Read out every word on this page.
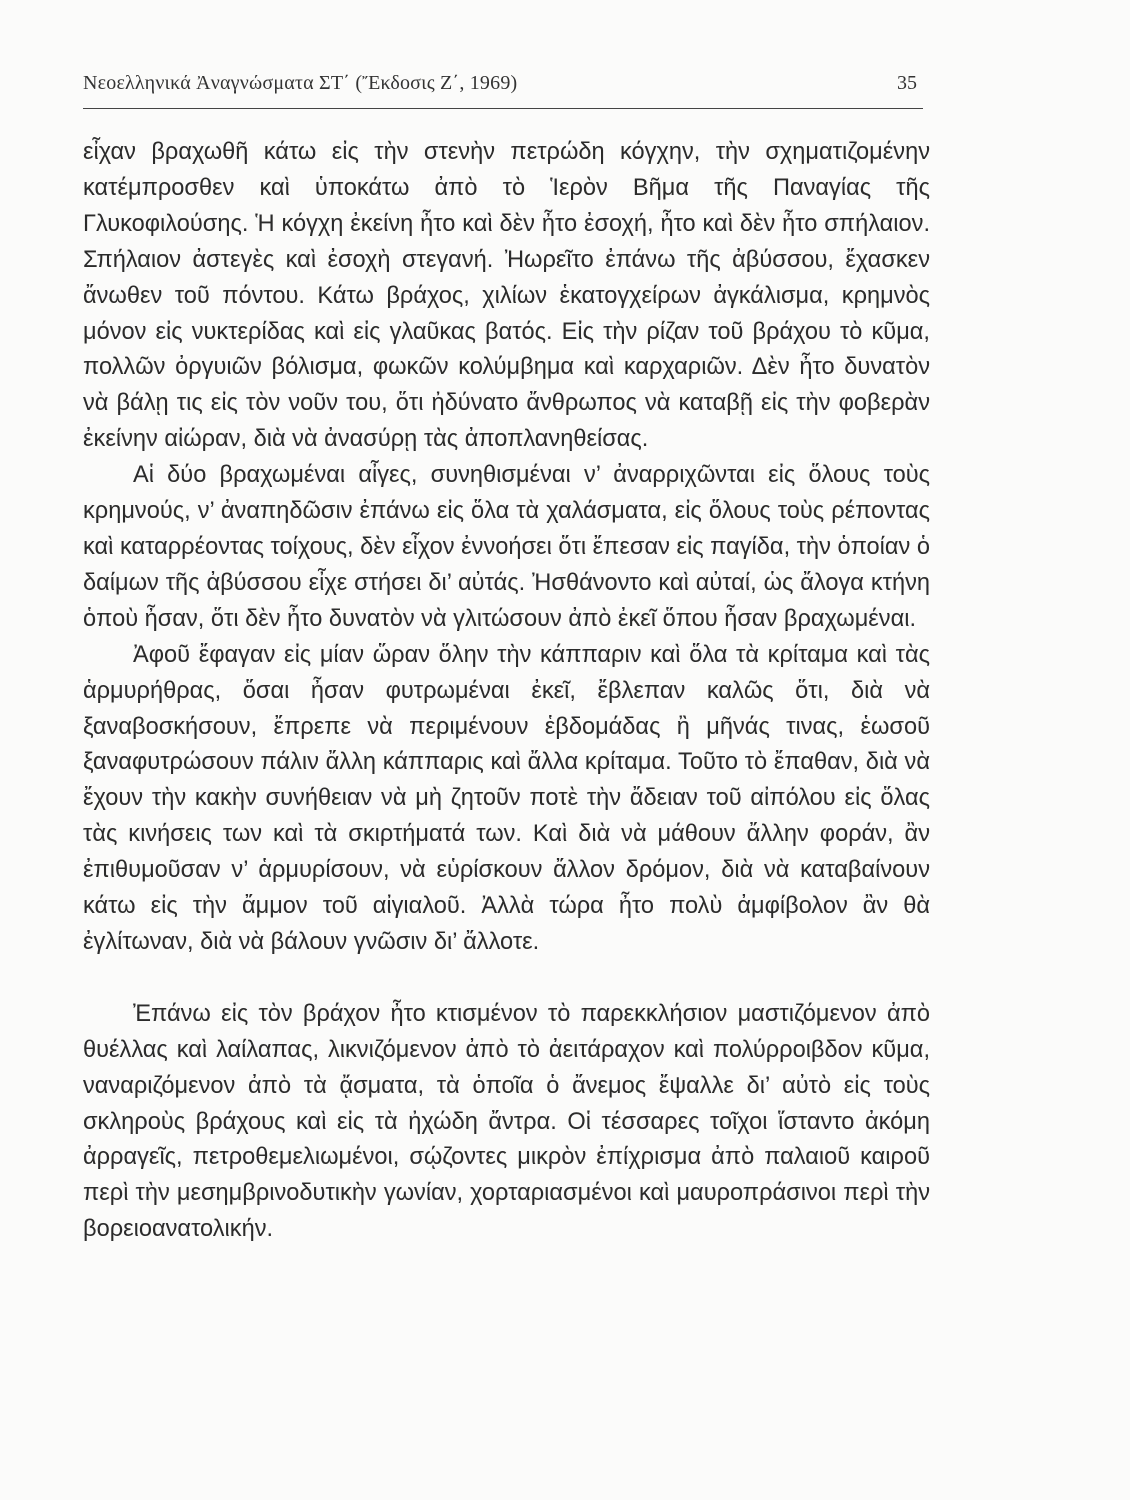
Νεοελληνικά Ἀναγνώσματα ΣΤ΄ (Ἔκδοσις Ζ΄, 1969)	35

εἶχαν βραχωθῆ κάτω εἰς τὴν στενὴν πετρώδη κόγχην, τὴν σχηματιζομένην κατέμπροσθεν καὶ ὑποκάτω ἀπὸ τὸ Ἱερὸν Βῆμα τῆς Παναγίας τῆς Γλυκοφιλούσης. Ἡ κόγχη ἐκείνη ἦτο καὶ δὲν ἦτο ἐσοχή, ἦτο καὶ δὲν ἦτο σπήλαιον. Σπήλαιον ἀστεγὲς καὶ ἐσοχὴ στεγανή. Ἠωρεῖτο ἐπάνω τῆς ἀβύσσου, ἔχασκεν ἄνωθεν τοῦ πόντου. Κάτω βράχος, χιλίων ἑκατογχείρων ἀγκάλισμα, κρημνὸς μόνον εἰς νυκτερίδας καὶ εἰς γλαῦκας βατός. Εἰς τὴν ρίζαν τοῦ βράχου τὸ κῦμα, πολλῶν ὀργυιῶν βόλισμα, φωκῶν κολύμβημα καὶ καρχαριῶν. Δὲν ἦτο δυνατὸν νὰ βάλῃ τις εἰς τὸν νοῦν του, ὅτι ἠδύνατο ἄνθρωπος νὰ καταβῇ εἰς τὴν φοβερὰν ἐκείνην αἰώραν, διὰ νὰ ἀνασύρῃ τὰς ἀποπλανηθείσας.

Αἱ δύο βραχωμέναι αἶγες, συνηθισμέναι ν’ ἀναρριχῶνται εἰς ὅλους τοὺς κρημνούς, ν’ ἀναπηδῶσιν ἐπάνω εἰς ὅλα τὰ χαλάσματα, εἰς ὅλους τοὺς ρέποντας καὶ καταρρέοντας τοίχους, δὲν εἶχον ἐννοήσει ὅτι ἔπεσαν εἰς παγίδα, τὴν ὁποίαν ὁ δαίμων τῆς ἀβύσσου εἶχε στήσει δι’ αὐτάς. Ἠσθάνοντο καὶ αὐταί, ὡς ἄλογα κτήνη ὁποὺ ἦσαν, ὅτι δὲν ἦτο δυνατὸν νὰ γλιτώσουν ἀπὸ ἐκεῖ ὅπου ἦσαν βραχωμέναι.

Ἀφοῦ ἔφαγαν εἰς μίαν ὥραν ὅλην τὴν κάππαριν καὶ ὅλα τὰ κρίταμα καὶ τὰς ἁρμυρήθρας, ὅσαι ἦσαν φυτρωμέναι ἐκεῖ, ἔβλεπαν καλῶς ὅτι, διὰ νὰ ξαναβοσκήσουν, ἔπρεπε νὰ περιμένουν ἑβδομάδας ἢ μῆνάς τινας, ἑωσοῦ ξαναφυτρώσουν πάλιν ἄλλη κάππαρις καὶ ἄλλα κρίταμα. Τοῦτο τὸ ἔπαθαν, διὰ νὰ ἔχουν τὴν κακὴν συνήθειαν νὰ μὴ ζητοῦν ποτὲ τὴν ἄδειαν τοῦ αἰπόλου εἰς ὅλας τὰς κινήσεις των καὶ τὰ σκιρτήματά των. Καὶ διὰ νὰ μάθουν ἄλλην φοράν, ἂν ἐπιθυμοῦσαν ν’ ἁρμυρίσουν, νὰ εὑρίσκουν ἄλλον δρόμον, διὰ νὰ καταβαίνουν κάτω εἰς τὴν ἄμμον τοῦ αἰγιαλοῦ. Ἀλλὰ τώρα ἦτο πολὺ ἀμφίβολον ἂν θὰ ἐγλίτωναν, διὰ νὰ βάλουν γνῶσιν δι’ ἄλλοτε.

Ἐπάνω εἰς τὸν βράχον ἦτο κτισμένον τὸ παρεκκλήσιον μαστιζόμενον ἀπὸ θυέλλας καὶ λαίλαπας, λικνιζόμενον ἀπὸ τὸ ἀειτάραχον καὶ πολύρροιβδον κῦμα, ναναριζόμενον ἀπὸ τὰ ᾄσματα, τὰ ὁποῖα ὁ ἄνεμος ἔψαλλε δι’ αὐτὸ εἰς τοὺς σκληροὺς βράχους καὶ εἰς τὰ ἠχώδη ἄντρα. Οἱ τέσσαρες τοῖχοι ἵσταντο ἀκόμη ἀρραγεῖς, πετροθεμελιωμένοι, σῴζοντες μικρὸν ἐπίχρισμα ἀπὸ παλαιοῦ καιροῦ περὶ τὴν μεσημβρινοδυτικὴν γωνίαν, χορταριασμένοι καὶ μαυροπράσινοι περὶ τὴν βορειοανατολικήν.
